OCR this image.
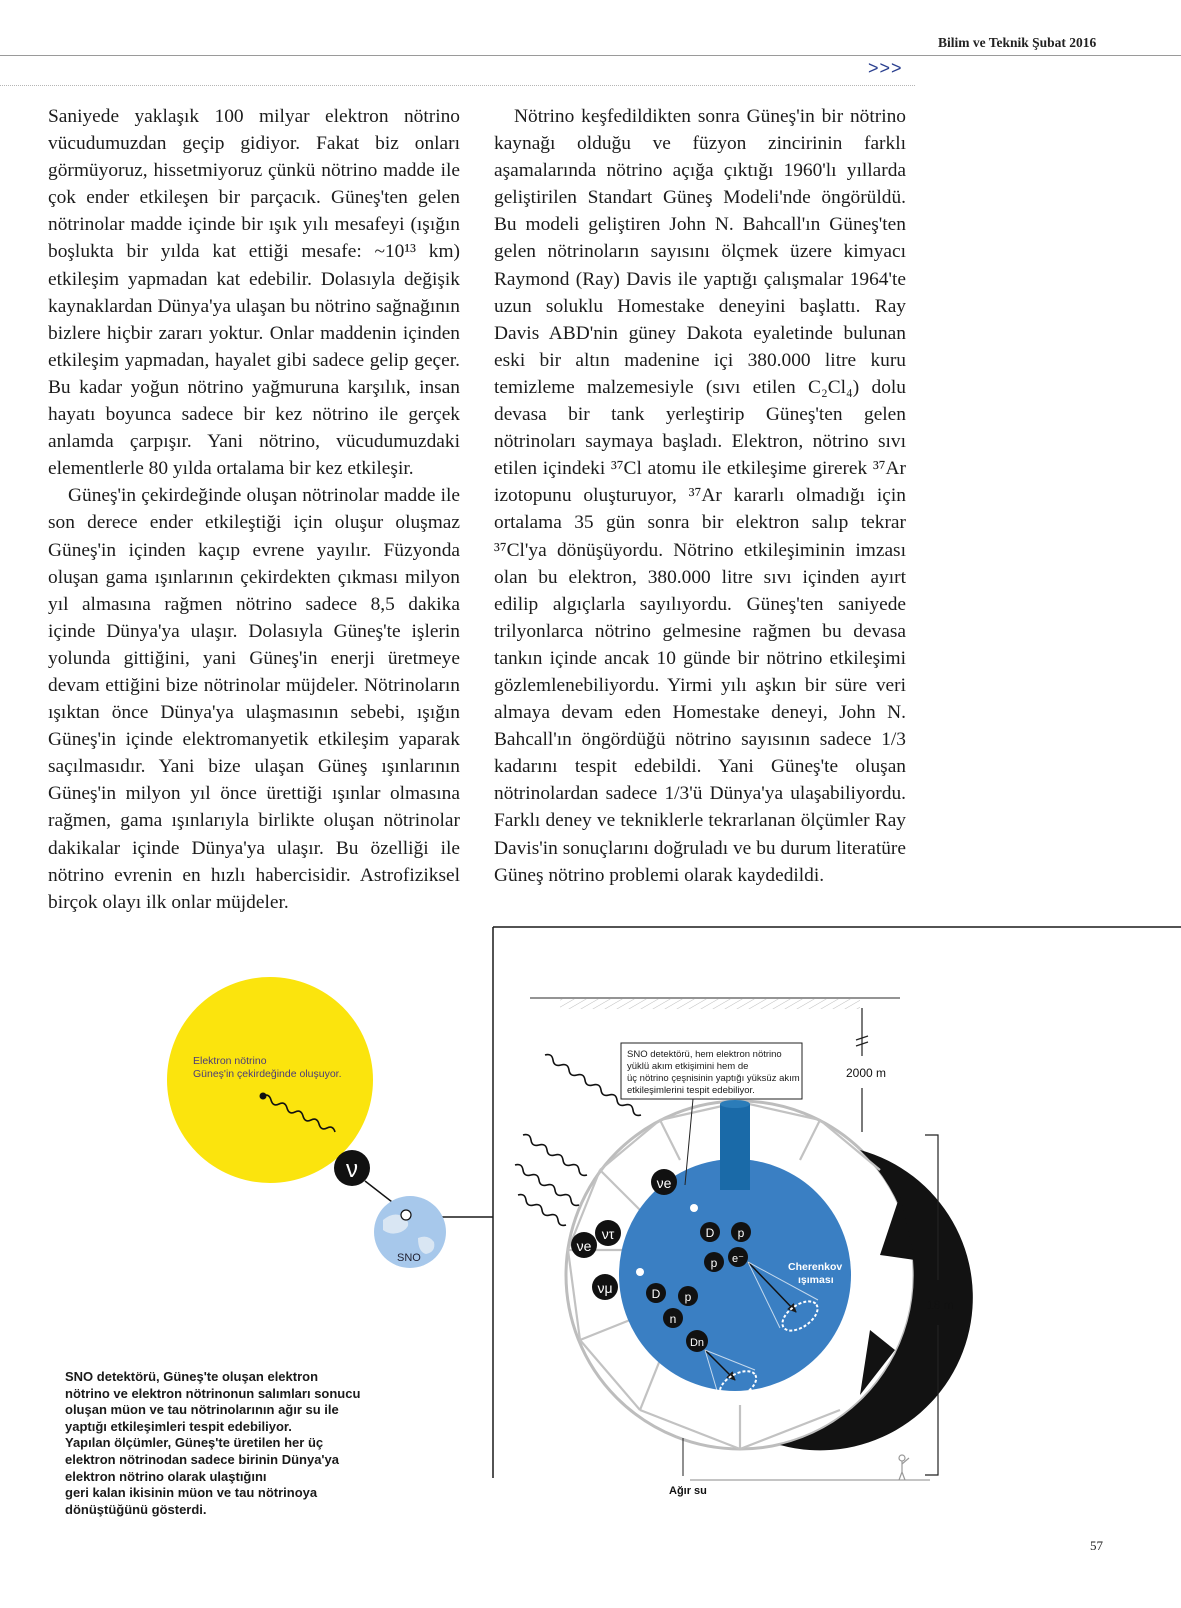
Bilim ve Teknik Şubat 2016
>>>

Saniyede yaklaşık 100 milyar elektron nötrino vücudumuzdan geçip gidiyor. Fakat biz onları görmüyoruz, hissetmiyoruz çünkü nötrino madde ile çok ender etkileşen bir parçacık. Güneş'ten gelen nötrinolar madde içinde bir ışık yılı mesafeyi (ışığın boşlukta bir yılda kat ettiği mesafe: ~10¹³ km) etkileşim yapmadan kat edebilir. Dolasıyla değişik kaynaklardan Dünya'ya ulaşan bu nötrino sağnağının bizlere hiçbir zararı yoktur. Onlar maddenin içinden etkileşim yapmadan, hayalet gibi sadece gelip geçer. Bu kadar yoğun nötrino yağmuruna karşılık, insan hayatı boyunca sadece bir kez nötrino ile gerçek anlamda çarpışır. Yani nötrino, vücudumuzdaki elementlerle 80 yılda ortalama bir kez etkileşir.

Güneş'in çekirdeğinde oluşan nötrinolar madde ile son derece ender etkileştiği için oluşur oluşmaz Güneş'in içinden kaçıp evrene yayılır. Füzyonda oluşan gama ışınlarının çekirdekten çıkması milyon yıl almasına rağmen nötrino sadece 8,5 dakika içinde Dünya'ya ulaşır. Dolasıyla Güneş'te işlerin yolunda gittiğini, yani Güneş'in enerji üretmeye devam ettiğini bize nötrinolar müjdeler. Nötrinoların ışıktan önce Dünya'ya ulaşmasının sebebi, ışığın Güneş'in içinde elektromanyetik etkileşim yaparak saçılmasıdır. Yani bize ulaşan Güneş ışınlarının Güneş'in milyon yıl önce ürettiği ışınlar olmasına rağmen, gama ışınlarıyla birlikte oluşan nötrinolar dakikalar içinde Dünya'ya ulaşır. Bu özelliği ile nötrino evrenin en hızlı habercisidir. Astrofiziksel birçok olayı ilk onlar müjdeler.

Nötrino keşfedildikten sonra Güneş'in bir nötrino kaynağı olduğu ve füzyon zincirinin farklı aşamalarında nötrino açığa çıktığı 1960'lı yıllarda geliştirilen Standart Güneş Modeli'nde öngörüldü. Bu modeli geliştiren John N. Bahcall'ın Güneş'ten gelen nötrinoların sayısını ölçmek üzere kimyacı Raymond (Ray) Davis ile yaptığı çalışmalar 1964'te uzun soluklu Homestake deneyini başlattı. Ray Davis ABD'nin güney Dakota eyaletinde bulunan eski bir altın madenine içi 380.000 litre kuru temizleme malzemesiyle (sıvı etilen C₂Cl₄) dolu devasa bir tank yerleştirip Güneş'ten gelen nötrinoları saymaya başladı. Elektron, nötrino sıvı etilen içindeki ³⁷Cl atomu ile etkileşime girerek ³⁷Ar izotopunu oluşturuyor, ³⁷Ar kararlı olmadığı için ortalama 35 gün sonra bir elektron salıp tekrar ³⁷Cl'ya dönüşüyordu. Nötrino etkileşiminin imzası olan bu elektron, 380.000 litre sıvı içinden ayırt edilip algıçlarla sayılıyordu. Güneş'ten saniyede trilyonlarca nötrino gelmesine rağmen bu devasa tankın içinde ancak 10 günde bir nötrino etkileşimi gözlemlenebiliyordu. Yirmi yılı aşkın bir süre veri almaya devam eden Homestake deneyi, John N. Bahcall'ın öngördüğü nötrino sayısının sadece 1/3 kadarını tespit edebildi. Yani Güneş'te oluşan nötrinolardan sadece 1/3'ü Dünya'ya ulaşabiliyordu. Farklı deney ve tekniklerle tekrarlanan ölçümler Ray Davis'in sonuçlarını doğruladı ve bu durum literatüre Güneş nötrino problemi olarak kaydedildi.

Elektron nötrino
Güneş'in çekirdeğinde oluşuyor.
ν
SNO
νe
νe
ντ
νμ
D p
p e⁻
D p
n
Dn
Cherenkov
ışıması
SNO detektörü, hem elektron nötrino
yüklü akım etkişimini hem de
üç nötrino çeşnisinin yaptığı yüksüz akım
etkileşimlerini tespit edebiliyor.
2000 m
18 m
Ağır su
SNO detektörü, Güneş'te oluşan elektron
nötrino ve elektron nötrinonun salımları sonucu
oluşan müon ve tau nötrinolarının ağır su ile
yaptığı etkileşimleri tespit edebiliyor.
Yapılan ölçümler, Güneş'te üretilen her üç
elektron nötrinodan sadece birinin Dünya'ya
elektron nötrino olarak ulaştığını
geri kalan ikisinin müon ve tau nötrinoya
dönüştüğünü gösterdi.
57
